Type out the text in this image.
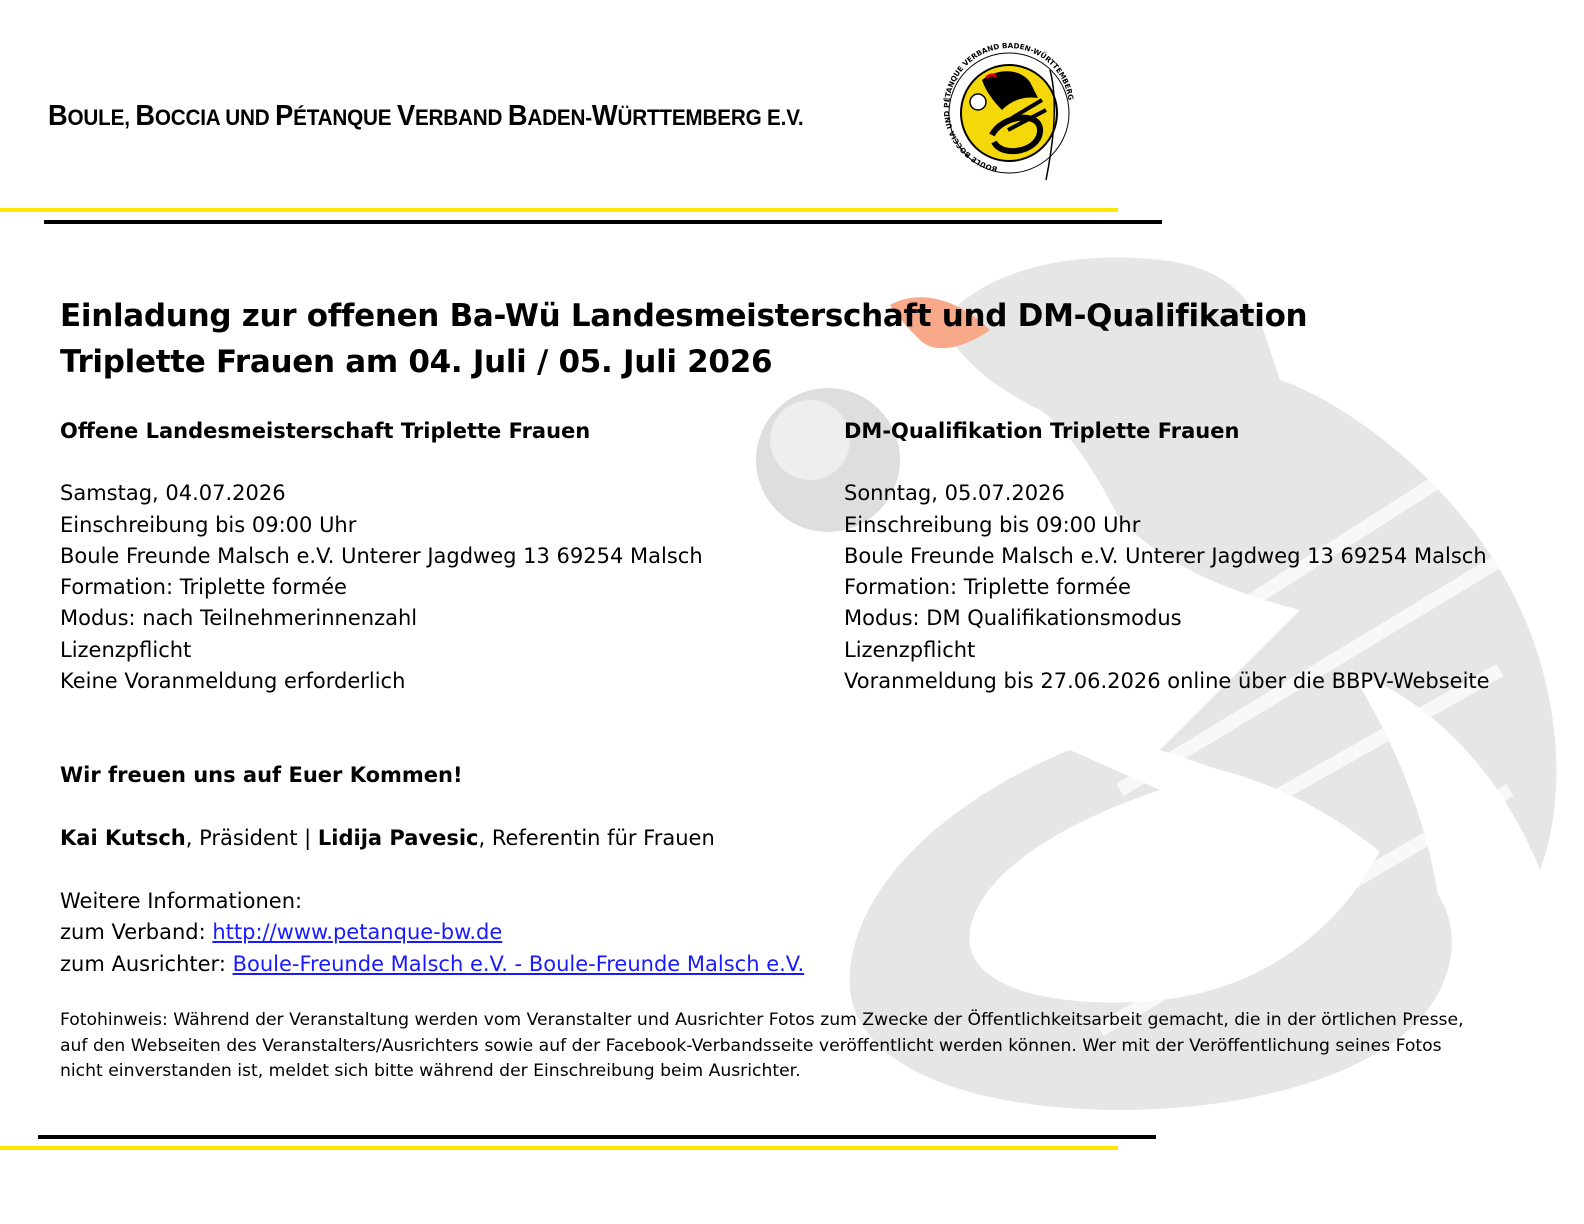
BOULE, BOCCIA UND PÉTANQUE VERBAND BADEN-WÜRTTEMBERG E.V.
BOULE BOCCIA UND PÉTANQUE VERBAND BADEN-WÜRTTEMBERG
Einladung zur offenen Ba-Wü Landesmeisterschaft und DM-Qualifikation
Triplette Frauen am 04. Juli / 05. Juli 2026
Offene Landesmeisterschaft Triplette Frauen
Samstag, 04.07.2026
Einschreibung bis 09:00 Uhr
Boule Freunde Malsch e.V. Unterer Jagdweg 13 69254 Malsch
Formation: Triplette formée
Modus: nach Teilnehmerinnenzahl
Lizenzpflicht
Keine Voranmeldung erforderlich
DM-Qualifikation Triplette Frauen
Sonntag, 05.07.2026
Einschreibung bis 09:00 Uhr
Boule Freunde Malsch e.V. Unterer Jagdweg 13 69254 Malsch
Formation: Triplette formée
Modus: DM Qualifikationsmodus
Lizenzpflicht
Voranmeldung bis 27.06.2026 online über die BBPV-Webseite
Wir freuen uns auf Euer Kommen!
Kai Kutsch, Präsident | Lidija Pavesic, Referentin für Frauen
Weitere Informationen:
zum Verband: http://www.petanque-bw.de
zum Ausrichter: Boule-Freunde Malsch e.V. - Boule-Freunde Malsch e.V.
Fotohinweis: Während der Veranstaltung werden vom Veranstalter und Ausrichter Fotos zum Zwecke der Öffentlichkeitsarbeit gemacht, die in der örtlichen Presse, auf den Webseiten des Veranstalters/Ausrichters sowie auf der Facebook-Verbandsseite veröffentlicht werden können. Wer mit der Veröffentlichung seines Fotos nicht einverstanden ist, meldet sich bitte während der Einschreibung beim Ausrichter.
